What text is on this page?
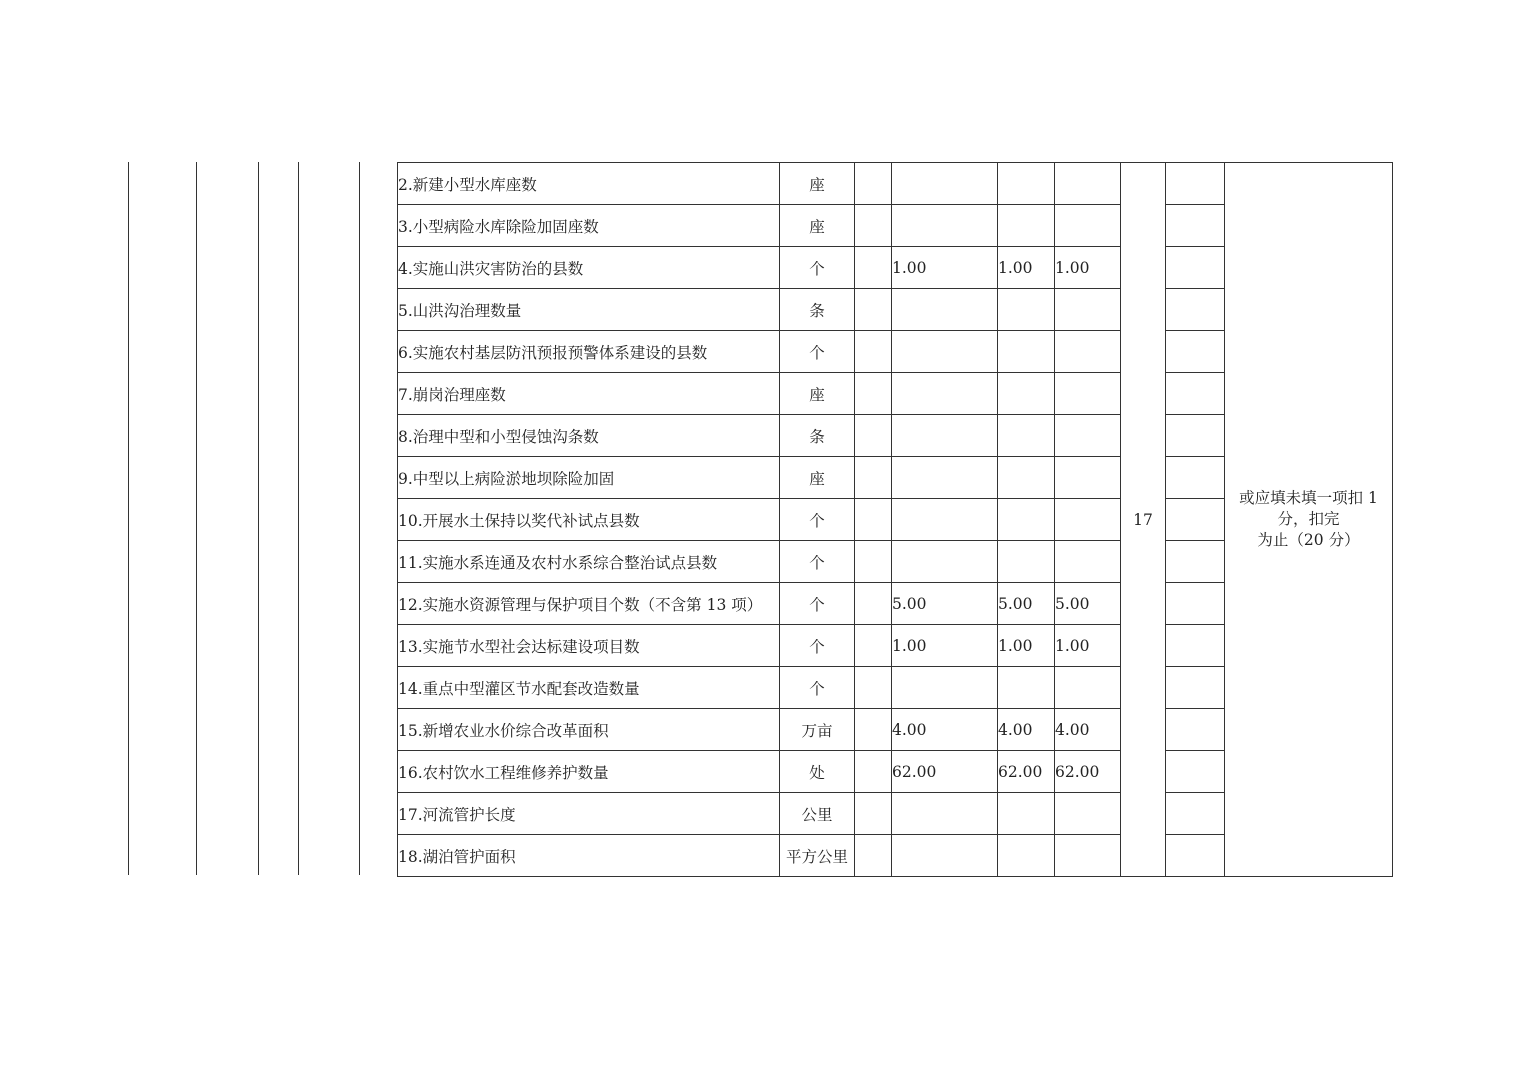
2.新建小型水库座数	座					17		或应填未填一项扣 1
分，扣完
为止（20 分）

3.小型病险水库除险加固座数	座							
4.实施山洪灾害防治的县数	个		1.00	1.00	1.00			
5.山洪沟治理数量	条							
6.实施农村基层防汛预报预警体系建设的县数	个							
7.崩岗治理座数	座							
8.治理中型和小型侵蚀沟条数	条							
9.中型以上病险淤地坝除险加固	座							
10.开展水土保持以奖代补试点县数	个							
11.实施水系连通及农村水系综合整治试点县数	个							
12.实施水资源管理与保护项目个数（不含第 13 项）	个		5.00	5.00	5.00			
13.实施节水型社会达标建设项目数	个		1.00	1.00	1.00			
14.重点中型灌区节水配套改造数量	个							
15.新增农业水价综合改革面积	万亩		4.00	4.00	4.00			
16.农村饮水工程维修养护数量	处		62.00	62.00	62.00			
17.河流管护长度	公里							
18.湖泊管护面积	平方公里							
